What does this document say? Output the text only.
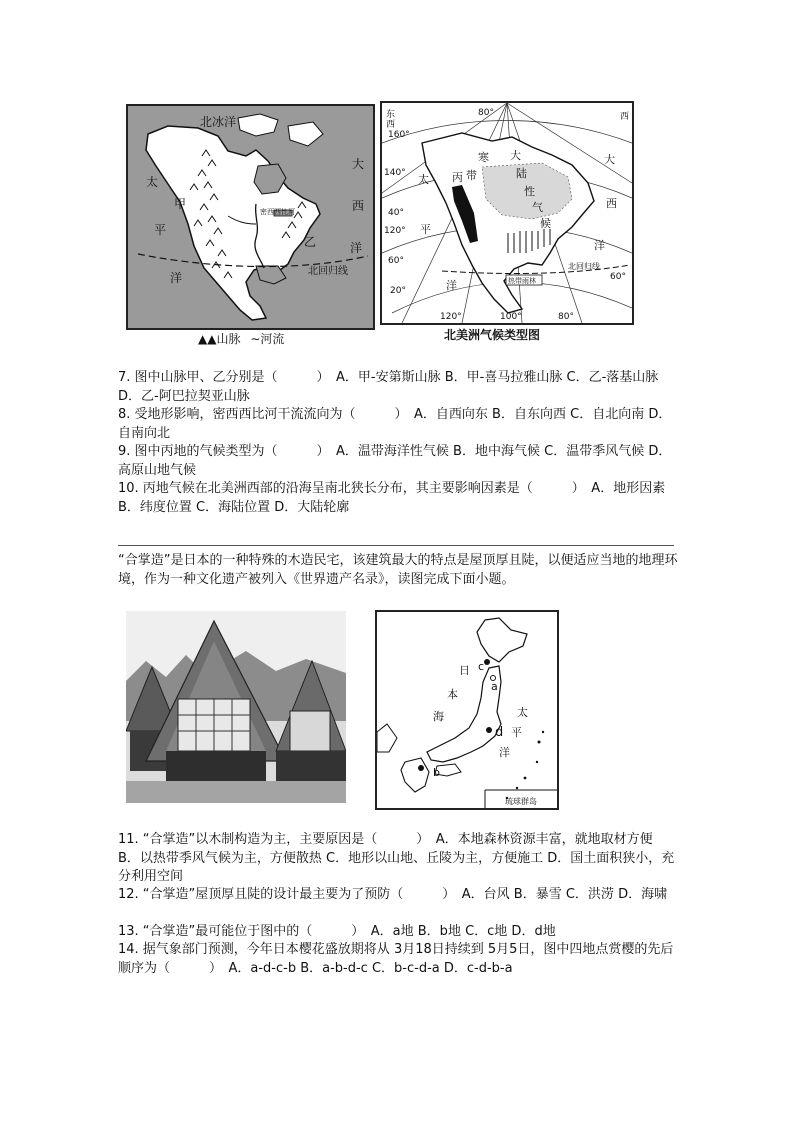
北冰洋
大
西
洋
太
平
洋
甲
乙
密西西比河
北回归线
▲▲山脉 ∼河流
热带雨林
80°
160°
140°
120°
60°
40°
20°
120°	100°	80°
60°
东
西
西
寒
带
大
陆
性
气
候
丙
太
平
洋
大
西
洋
北回归线
北美洲气候类型图

7. 图中山脉甲、乙分别是（　　　）　A．甲-安第斯山脉 B．甲-喜马拉雅山脉 C．乙-落基山脉 D．乙-阿巴拉契亚山脉

8. 受地形影响，密西西比河干流流向为（　　　）　A．自西向东 B．自东向西 C．自北向南 D．自南向北

9. 图中丙地的气候类型为（　　　）　A．温带海洋性气候 B．地中海气候 C．温带季风气候 D．高原山地气候

10. 丙地气候在北美洲西部的沿海呈南北狭长分布，其主要影响因素是（　　　）　A．地形因素 B．纬度位置 C．海陆位置 D．大陆轮廓

“合掌造”是日本的一种特殊的木造民宅，该建筑最大的特点是屋顶厚且陡，以便适应当地的地理环境，作为一种文化遗产被列入《世界遗产名录》，读图完成下面小题。

琉球群岛
c
a
d
b
日
本
海	太
平
洋

11. “合掌造”以木制构造为主，主要原因是（　　　）　A．本地森林资源丰富，就地取材方便 B．以热带季风气候为主，方便散热 C．地形以山地、丘陵为主，方便施工 D．国土面积狭小，充分利用空间

12. “合掌造”屋顶厚且陡的设计最主要为了预防（　　　）　A．台风 B．暴雪 C．洪涝 D．海啸

13. “合掌造”最可能位于图中的（　　　）　A．a地 B．b地 C．c地 D．d地

14. 据气象部门预测，今年日本樱花盛放期将从 3月18日持续到 5月5日，图中四地点赏樱的先后顺序为（　　　）　A．a-d-c-b B．a-b-d-c C．b-c-d-a D．c-d-b-a
